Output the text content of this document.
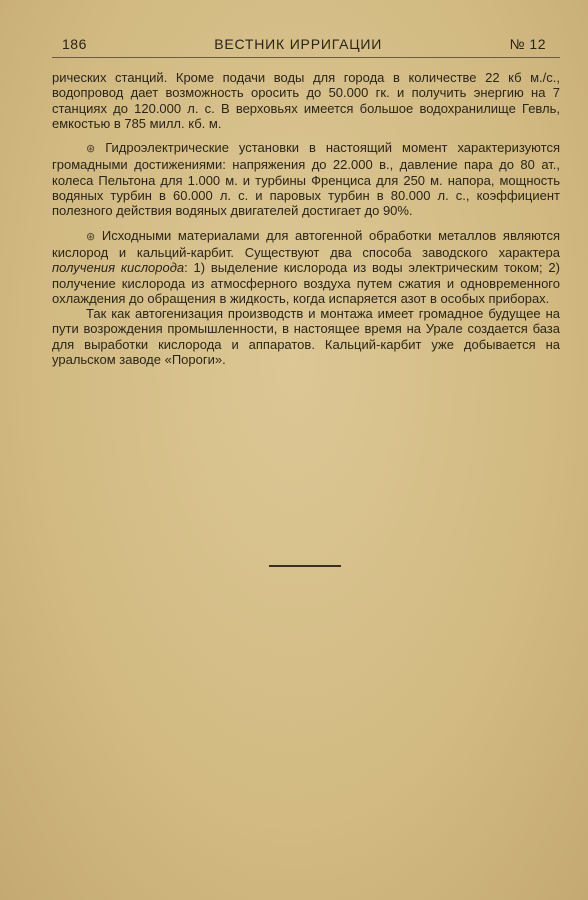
186	ВЕСТНИК ИРРИГАЦИИ	№ 12

рических станций. Кроме подачи воды для города в количестве 22 кб м./с., водопровод дает возможность оросить до 50.000 гк. и получить энергию на 7 станциях до 120.000 л. с. В верховьях имеется большое водохранилище Гевль, емкостью в 785 милл. кб. м.

⊛ Гидроэлектрические установки в настоящий момент характеризуются громадными достижениями: напряжения до 22.000 в., давление пара до 80 ат., колеса Пельтона для 1.000 м. и турбины Френциса для 250 м. напора, мощность водяных турбин в 60.000 л. с. и паровых турбин в 80.000 л. с., коэффициент полезного действия водяных двигателей достигает до 90%.

⊛ Исходными материалами для автогенной обработки металлов являются кислород и кальций-карбит. Существуют два способа заводского характера получения кислорода: 1) выделение кислорода из воды электрическим током; 2) получение кислорода из атмосферного воздуха путем сжатия и одновременного охлаждения до обращения в жидкость, когда испаряется азот в особых приборах.

Так как автогенизация производств и монтажа имеет громадное будущее на пути возрождения промышленности, в настоящее время на Урале создается база для выработки кислорода и аппаратов. Кальций-карбит уже добывается на уральском заводе «Пороги».
